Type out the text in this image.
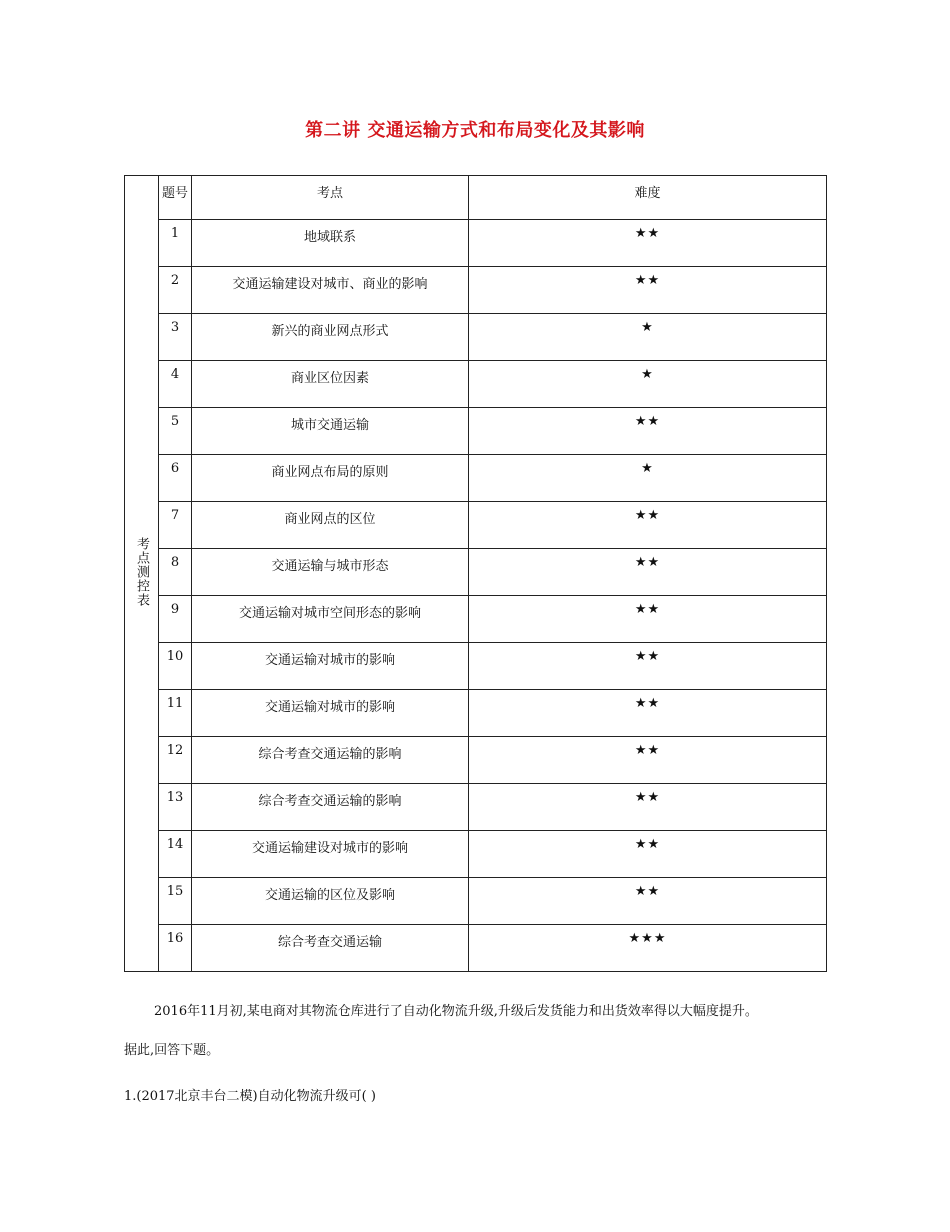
第二讲 交通运输方式和布局变化及其影响
考点测控表	题号	考点	难度
	1	地域联系	★★
	2	交通运输建设对城市、商业的影响	★★
	3	新兴的商业网点形式	★
	4	商业区位因素	★
	5	城市交通运输	★★
	6	商业网点布局的原则	★
	7	商业网点的区位	★★
	8	交通运输与城市形态	★★
	9	交通运输对城市空间形态的影响	★★
	10	交通运输对城市的影响	★★
	11	交通运输对城市的影响	★★
	12	综合考查交通运输的影响	★★
	13	综合考查交通运输的影响	★★
	14	交通运输建设对城市的影响	★★
	15	交通运输的区位及影响	★★
	16	综合考查交通运输	★★★
2016年11月初,某电商对其物流仓库进行了自动化物流升级,升级后发货能力和出货效率得以大幅度提升。
据此,回答下题。
1.(2017北京丰台二模)自动化物流升级可( )
